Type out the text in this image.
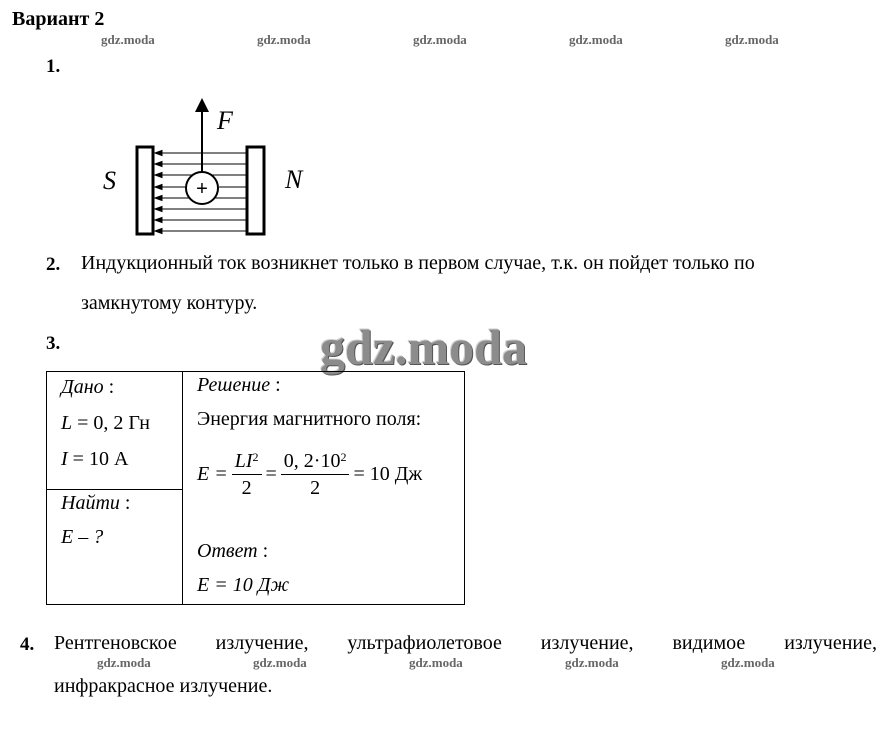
Вариант 2
gdz.moda	gdz.moda	gdz.moda	gdz.moda	gdz.moda
1.
+
S	N
F
2. Индукционный ток возникнет только в первом случае, т.к. он пойдет только по
замкнутому контуру.
3.	gdz.moda
Дано :
L = 0, 2 Гн
I = 10 А

Решение :
Энергия магнитного поля:
$E = \frac{LI^2}{2} = \frac{0, 2\cdot 10^2}{2} = 10$ Дж
Ответ :
E = 10 Дж

Найти :
E – ?
4. Рентгеновское излучение, ультрафиолетовое излучение, видимое излучение,
gdz.moda	gdz.moda	gdz.moda	gdz.moda	gdz.moda
инфракрасное излучение.
